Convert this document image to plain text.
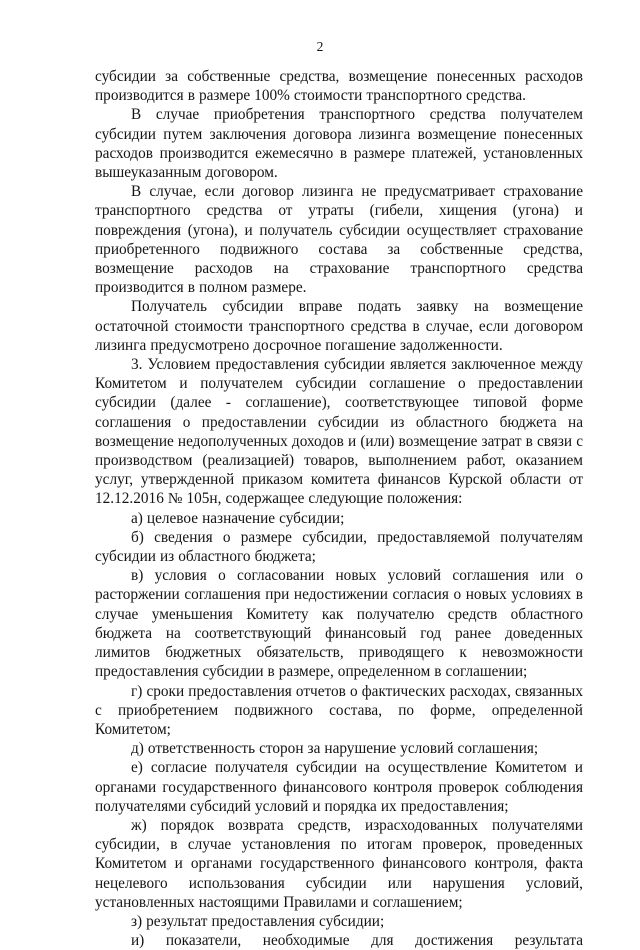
2

субсидии за собственные средства, возмещение понесенных расходов производится в размере 100% стоимости транспортного средства.

В случае приобретения транспортного средства получателем субсидии путем заключения договора лизинга возмещение понесенных расходов производится ежемесячно в размере платежей, установленных вышеуказанным договором.

В случае, если договор лизинга не предусматривает страхование транспортного средства от утраты (гибели, хищения (угона) и повреждения (угона), и получатель субсидии осуществляет страхование приобретенного подвижного состава за собственные средства, возмещение расходов на страхование транспортного средства производится в полном размере.

Получатель субсидии вправе подать заявку на возмещение остаточной стоимости транспортного средства в случае, если договором лизинга предусмотрено досрочное погашение задолженности.

3. Условием предоставления субсидии является заключенное между Комитетом и получателем субсидии соглашение о предоставлении субсидии (далее - соглашение), соответствующее типовой форме соглашения о предоставлении субсидии из областного бюджета на возмещение недополученных доходов и (или) возмещение затрат в связи с производством (реализацией) товаров, выполнением работ, оказанием услуг, утвержденной приказом комитета финансов Курской области от 12.12.2016 № 105н, содержащее следующие положения:

а) целевое назначение субсидии;

б) сведения о размере субсидии, предоставляемой получателям субсидии из областного бюджета;

в) условия о согласовании новых условий соглашения или о расторжении соглашения при недостижении согласия о новых условиях в случае уменьшения Комитету как получателю средств областного бюджета на соответствующий финансовый год ранее доведенных лимитов бюджетных обязательств, приводящего к невозможности предоставления субсидии в размере, определенном в соглашении;

г) сроки предоставления отчетов о фактических расходах, связанных с приобретением подвижного состава, по форме, определенной Комитетом;

д) ответственность сторон за нарушение условий соглашения;

е) согласие получателя субсидии на осуществление Комитетом и органами государственного финансового контроля проверок соблюдения получателями субсидий условий и порядка их предоставления;

ж) порядок возврата средств, израсходованных получателями субсидии, в случае установления по итогам проверок, проведенных Комитетом и органами государственного финансового контроля, факта нецелевого использования субсидии или нарушения условий, установленных настоящими Правилами и соглашением;

з) результат предоставления субсидии;

и) показатели, необходимые для достижения результата
